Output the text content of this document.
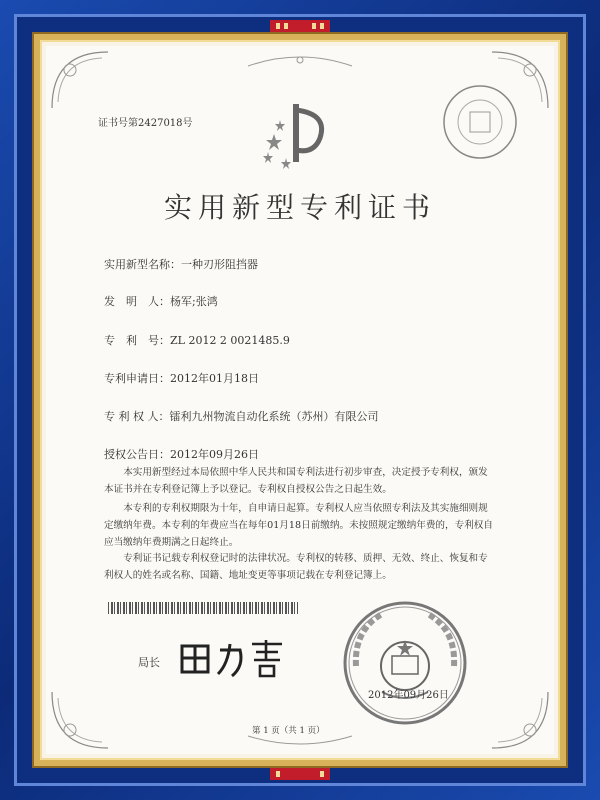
证书号第2427018号
实用新型专利证书
实用新型名称：一种刃形阻挡器
发　明　人：杨军;张鸿
专　利　号：ZL 2012 2 0021485.9
专利申请日：2012年01月18日
专 利 权 人：镭利九州物流自动化系统（苏州）有限公司
授权公告日：2012年09月26日
本实用新型经过本局依照中华人民共和国专利法进行初步审查，决定授予专利权，颁发本证书并在专利登记簿上予以登记。专利权自授权公告之日起生效。
本专利的专利权期限为十年，自申请日起算。专利权人应当依照专利法及其实施细则规定缴纳年费。本专利的年费应当在每年01月18日前缴纳。未按照规定缴纳年费的，专利权自应当缴纳年费期满之日起终止。
专利证书记载专利权登记时的法律状况。专利权的转移、质押、无效、终止、恢复和专利权人的姓名或名称、国籍、地址变更等事项记载在专利登记簿上。
局长
2012年09月26日
第 1 页（共 1 页）
